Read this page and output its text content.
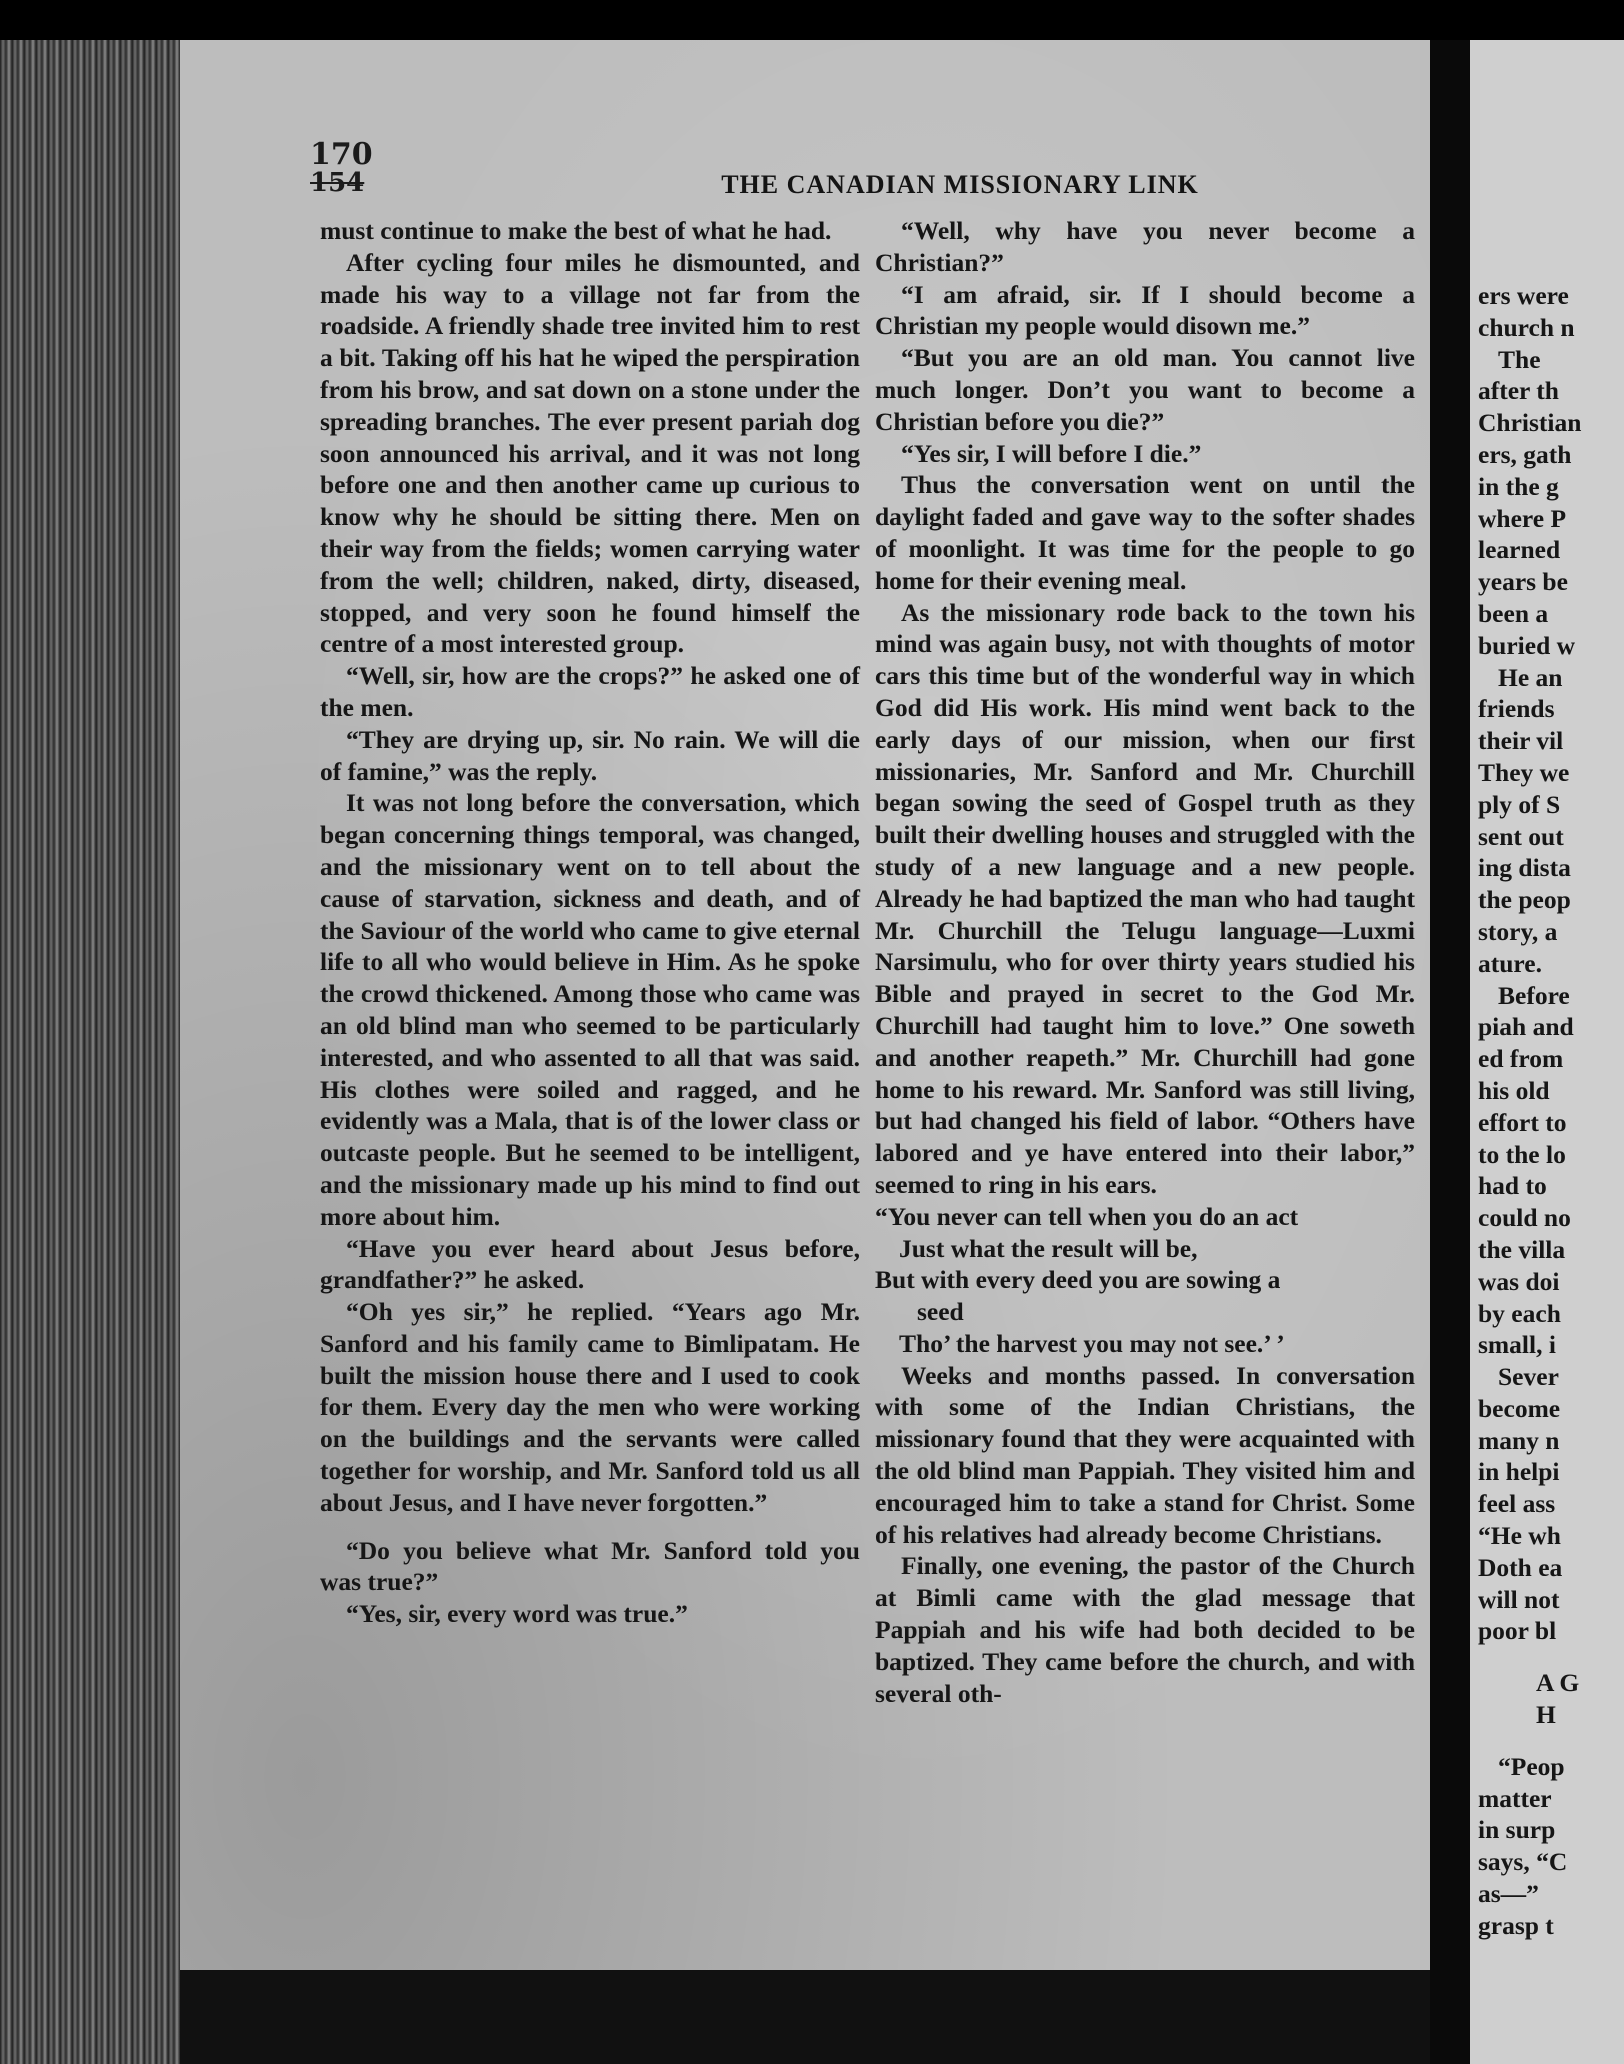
170
154	THE CANADIAN MISSIONARY LINK

must continue to make the best of what he had.

After cycling four miles he dismounted, and made his way to a village not far from the roadside. A friendly shade tree invited him to rest a bit. Taking off his hat he wiped the perspiration from his brow, and sat down on a stone under the spreading branches. The ever present pariah dog soon announced his arrival, and it was not long before one and then another came up curious to know why he should be sitting there. Men on their way from the fields; women carrying water from the well; children, naked, dirty, diseased, stopped, and very soon he found himself the centre of a most interested group.

“Well, sir, how are the crops?” he asked one of the men.

“They are drying up, sir. No rain. We will die of famine,” was the reply.

It was not long before the conversation, which began concerning things temporal, was changed, and the missionary went on to tell about the cause of starvation, sickness and death, and of the Saviour of the world who came to give eternal life to all who would believe in Him. As he spoke the crowd thickened. Among those who came was an old blind man who seemed to be particularly interested, and who assented to all that was said. His clothes were soiled and ragged, and he evidently was a Mala, that is of the lower class or outcaste people. But he seemed to be intelligent, and the missionary made up his mind to find out more about him.

“Have you ever heard about Jesus before, grandfather?” he asked.

“Oh yes sir,” he replied. “Years ago Mr. Sanford and his family came to Bimlipatam. He built the mission house there and I used to cook for them. Every day the men who were working on the buildings and the servants were called together for worship, and Mr. Sanford told us all about Jesus, and I have never forgotten.”

“Do you believe what Mr. Sanford told you was true?”

“Yes, sir, every word was true.”

“Well, why have you never become a Christian?”

“I am afraid, sir. If I should become a Christian my people would disown me.”

“But you are an old man. You cannot live much longer. Don’t you want to become a Christian before you die?”

“Yes sir, I will before I die.”

Thus the conversation went on until the daylight faded and gave way to the softer shades of moonlight. It was time for the people to go home for their evening meal.

As the missionary rode back to the town his mind was again busy, not with thoughts of motor cars this time but of the wonderful way in which God did His work. His mind went back to the early days of our mission, when our first missionaries, Mr. Sanford and Mr. Churchill began sowing the seed of Gospel truth as they built their dwelling houses and struggled with the study of a new language and a new people. Already he had baptized the man who had taught Mr. Churchill the Telugu language—Luxmi Narsimulu, who for over thirty years studied his Bible and prayed in secret to the God Mr. Churchill had taught him to love.” One soweth and another reapeth.” Mr. Churchill had gone home to his reward. Mr. Sanford was still living, but had changed his field of labor. “Others have labored and ye have entered into their labor,” seemed to ring in his ears.

“You never can tell when you do an act

Just what the result will be,

But with every deed you are sowing a

seed

Tho’ the harvest you may not see.’ ’

Weeks and months passed. In conversation with some of the Indian Christians, the missionary found that they were acquainted with the old blind man Pappiah. They visited him and encouraged him to take a stand for Christ. Some of his relatives had already become Christians.

Finally, one evening, the pastor of the Church at Bimli came with the glad message that Pappiah and his wife had both decided to be baptized. They came before the church, and with several oth-

ers were
church n
The
after th
Christian
ers, gath
in the g
where P
learned
years be
been a
buried w
He an
friends
their vil
They we
ply of S
sent out
ing dista
the peop
story, a
ature.
Before
piah and
ed from
his old
effort to
to the lo
had to
could no
the villa
was doi
by each
small, i
Sever
become
many n
in helpi
feel ass
“He wh
Doth ea
will not
poor bl
A G
H
“Peop
matter
in surp
says, “C
as—”
grasp t
